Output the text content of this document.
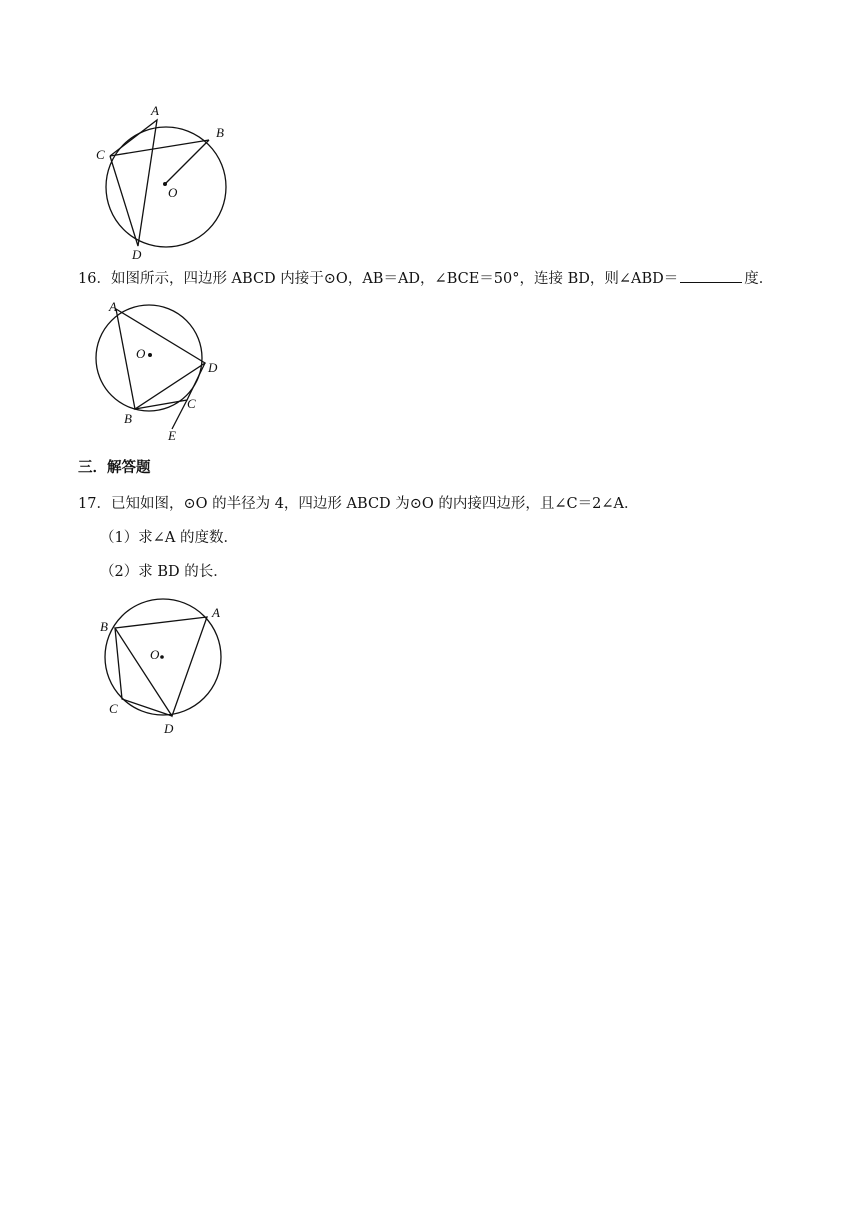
A
B
C
D
O
16．如图所示，四边形 ABCD 内接于⊙O，AB＝AD，∠BCE＝50°，连接 BD，则∠ABD＝	度．
A
D
B
C
E
O
三．解答题
17．已知如图，⊙O 的半径为 4，四边形 ABCD 为⊙O 的内接四边形，且∠C＝2∠A．
（1）求∠A 的度数．
（2）求 BD 的长．
A
B
C
D
O
